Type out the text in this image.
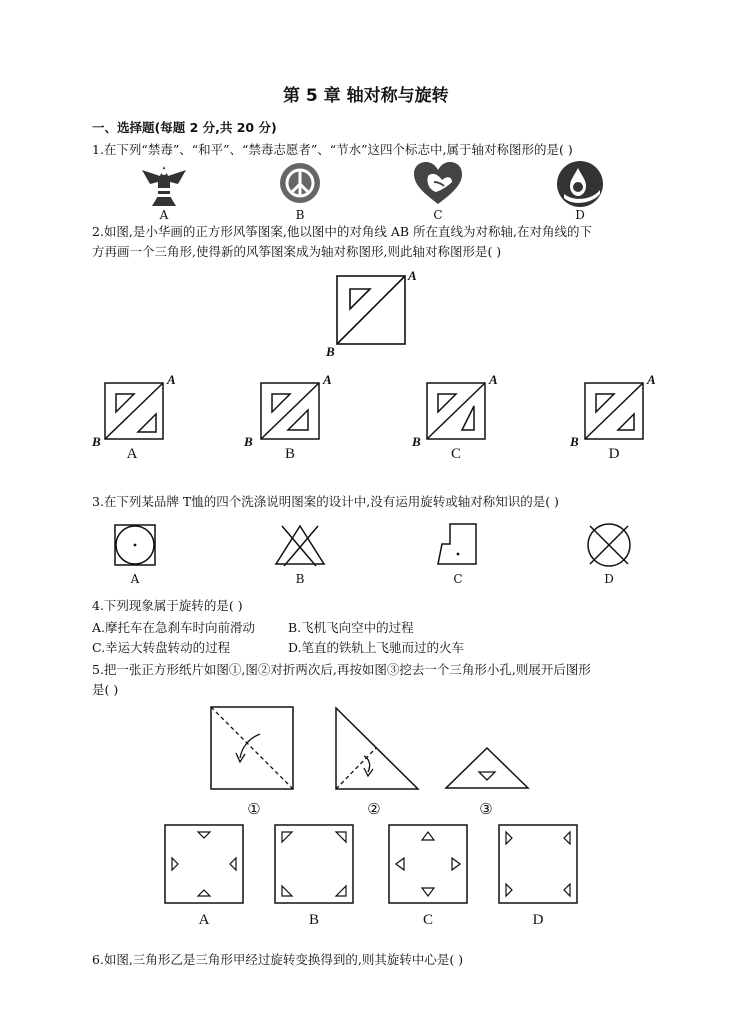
第 5 章 轴对称与旋转
一、选择题(每题 2 分,共 20 分)
1.在下列“禁毒”、“和平”、“禁毒志愿者”、“节水”这四个标志中,属于轴对称图形的是( )
A	B	C	D
2.如图,是小华画的正方形风筝图案,他以图中的对角线 AB 所在直线为对称轴,在对角线的下
方再画一个三角形,使得新的风筝图案成为轴对称图形,则此轴对称图形是( )
A
B
A
B
A
B
A
B
A
B
A	B	C	D
3.在下列某品牌 T恤的四个洗涤说明图案的设计中,没有运用旋转或轴对称知识的是( )
A	B	C	D
4.下列现象属于旋转的是( )
A.摩托车在急刹车时向前滑动	B.飞机飞向空中的过程
C.幸运大转盘转动的过程	D.笔直的铁轨上飞驰而过的火车
5.把一张正方形纸片如图①,图②对折两次后,再按如图③挖去一个三角形小孔,则展开后图形
是( )
①	②	③
A	B	C	D
6.如图,三角形乙是三角形甲经过旋转变换得到的,则其旋转中心是( )
